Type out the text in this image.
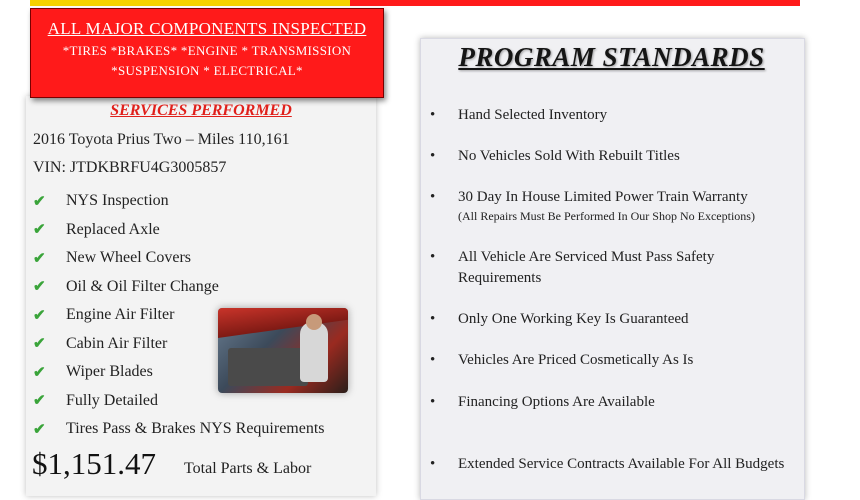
ALL MAJOR COMPONENTS INSPECTED
*TIRES *BRAKES* *ENGINE * TRANSMISSION
*SUSPENSION * ELECTRICAL*
SERVICES PERFORMED
2016 Toyota Prius Two – Miles 110,161
VIN: JTDKBRFU4G3005857
✔	NYS Inspection
✔	Replaced Axle
✔	New Wheel Covers
✔	Oil & Oil Filter Change
✔	Engine Air Filter
✔	Cabin Air Filter
✔	Wiper Blades
✔	Fully Detailed
✔	Tires Pass & Brakes NYS Requirements
$1,151.47 Total Parts & Labor
PROGRAM STANDARDS
• Hand Selected Inventory
• No Vehicles Sold With Rebuilt Titles
• 30 Day In House Limited Power Train Warranty
(All Repairs Must Be Performed In Our Shop No Exceptions)
• All Vehicle Are Serviced Must Pass Safety Requirements
• Only One Working Key Is Guaranteed
• Vehicles Are Priced Cosmetically As Is
• Financing Options Are Available
• Extended Service Contracts Available For All Budgets
